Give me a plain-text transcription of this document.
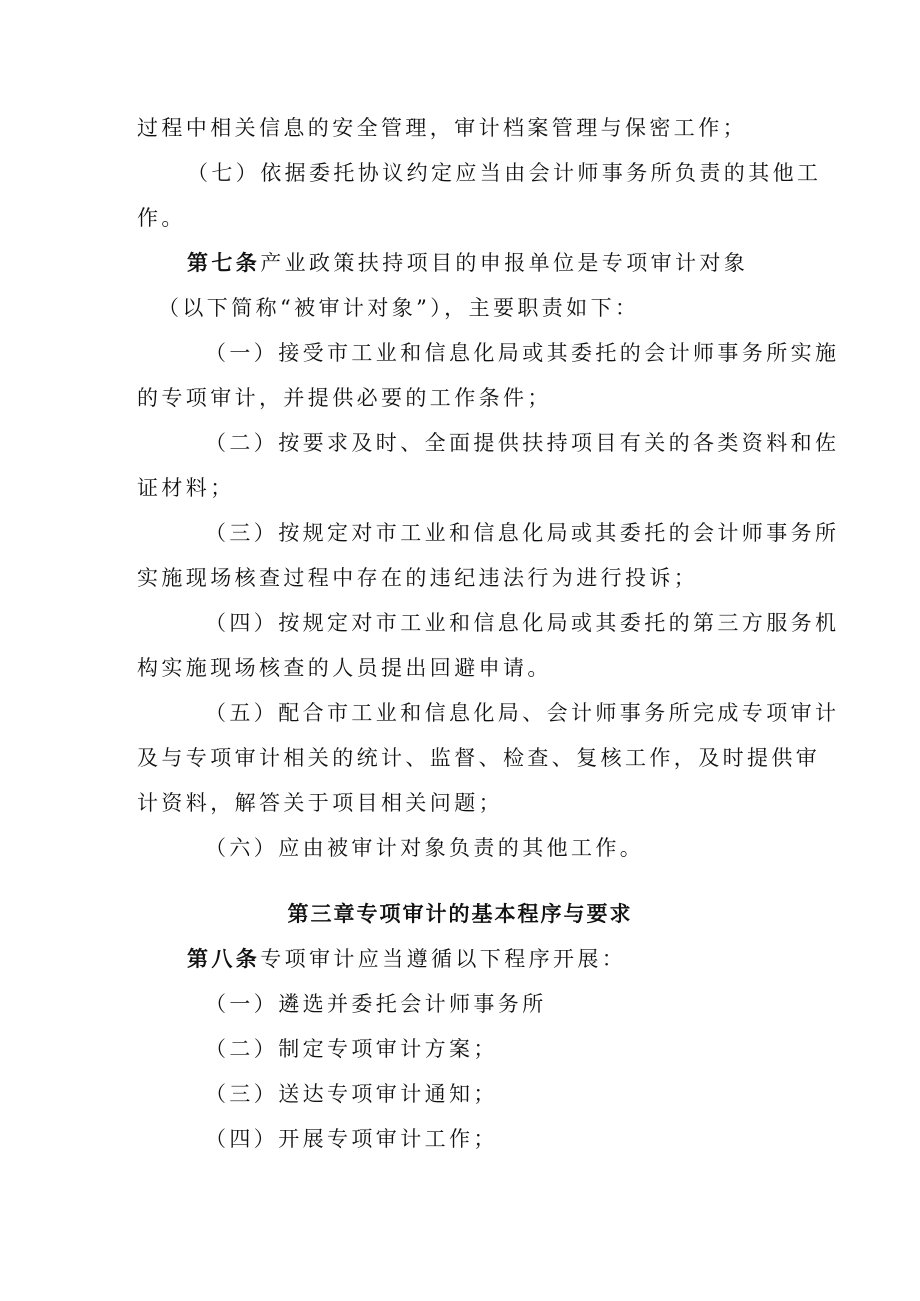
过程中相关信息的安全管理，审计档案管理与保密工作；
（七）依据委托协议约定应当由会计师事务所负责的其他工
作。
第七条产业政策扶持项目的申报单位是专项审计对象
（以下简称“被审计对象”），主要职责如下：
（一）接受市工业和信息化局或其委托的会计师事务所实施
的专项审计，并提供必要的工作条件；
（二）按要求及时、全面提供扶持项目有关的各类资料和佐
证材料；
（三）按规定对市工业和信息化局或其委托的会计师事务所
实施现场核查过程中存在的违纪违法行为进行投诉；
（四）按规定对市工业和信息化局或其委托的第三方服务机
构实施现场核查的人员提出回避申请。
（五）配合市工业和信息化局、会计师事务所完成专项审计
及与专项审计相关的统计、监督、检查、复核工作，及时提供审
计资料，解答关于项目相关问题；
（六）应由被审计对象负责的其他工作。
第三章专项审计的基本程序与要求
第八条专项审计应当遵循以下程序开展：
（一）遴选并委托会计师事务所
（二）制定专项审计方案；
（三）送达专项审计通知；
（四）开展专项审计工作；
